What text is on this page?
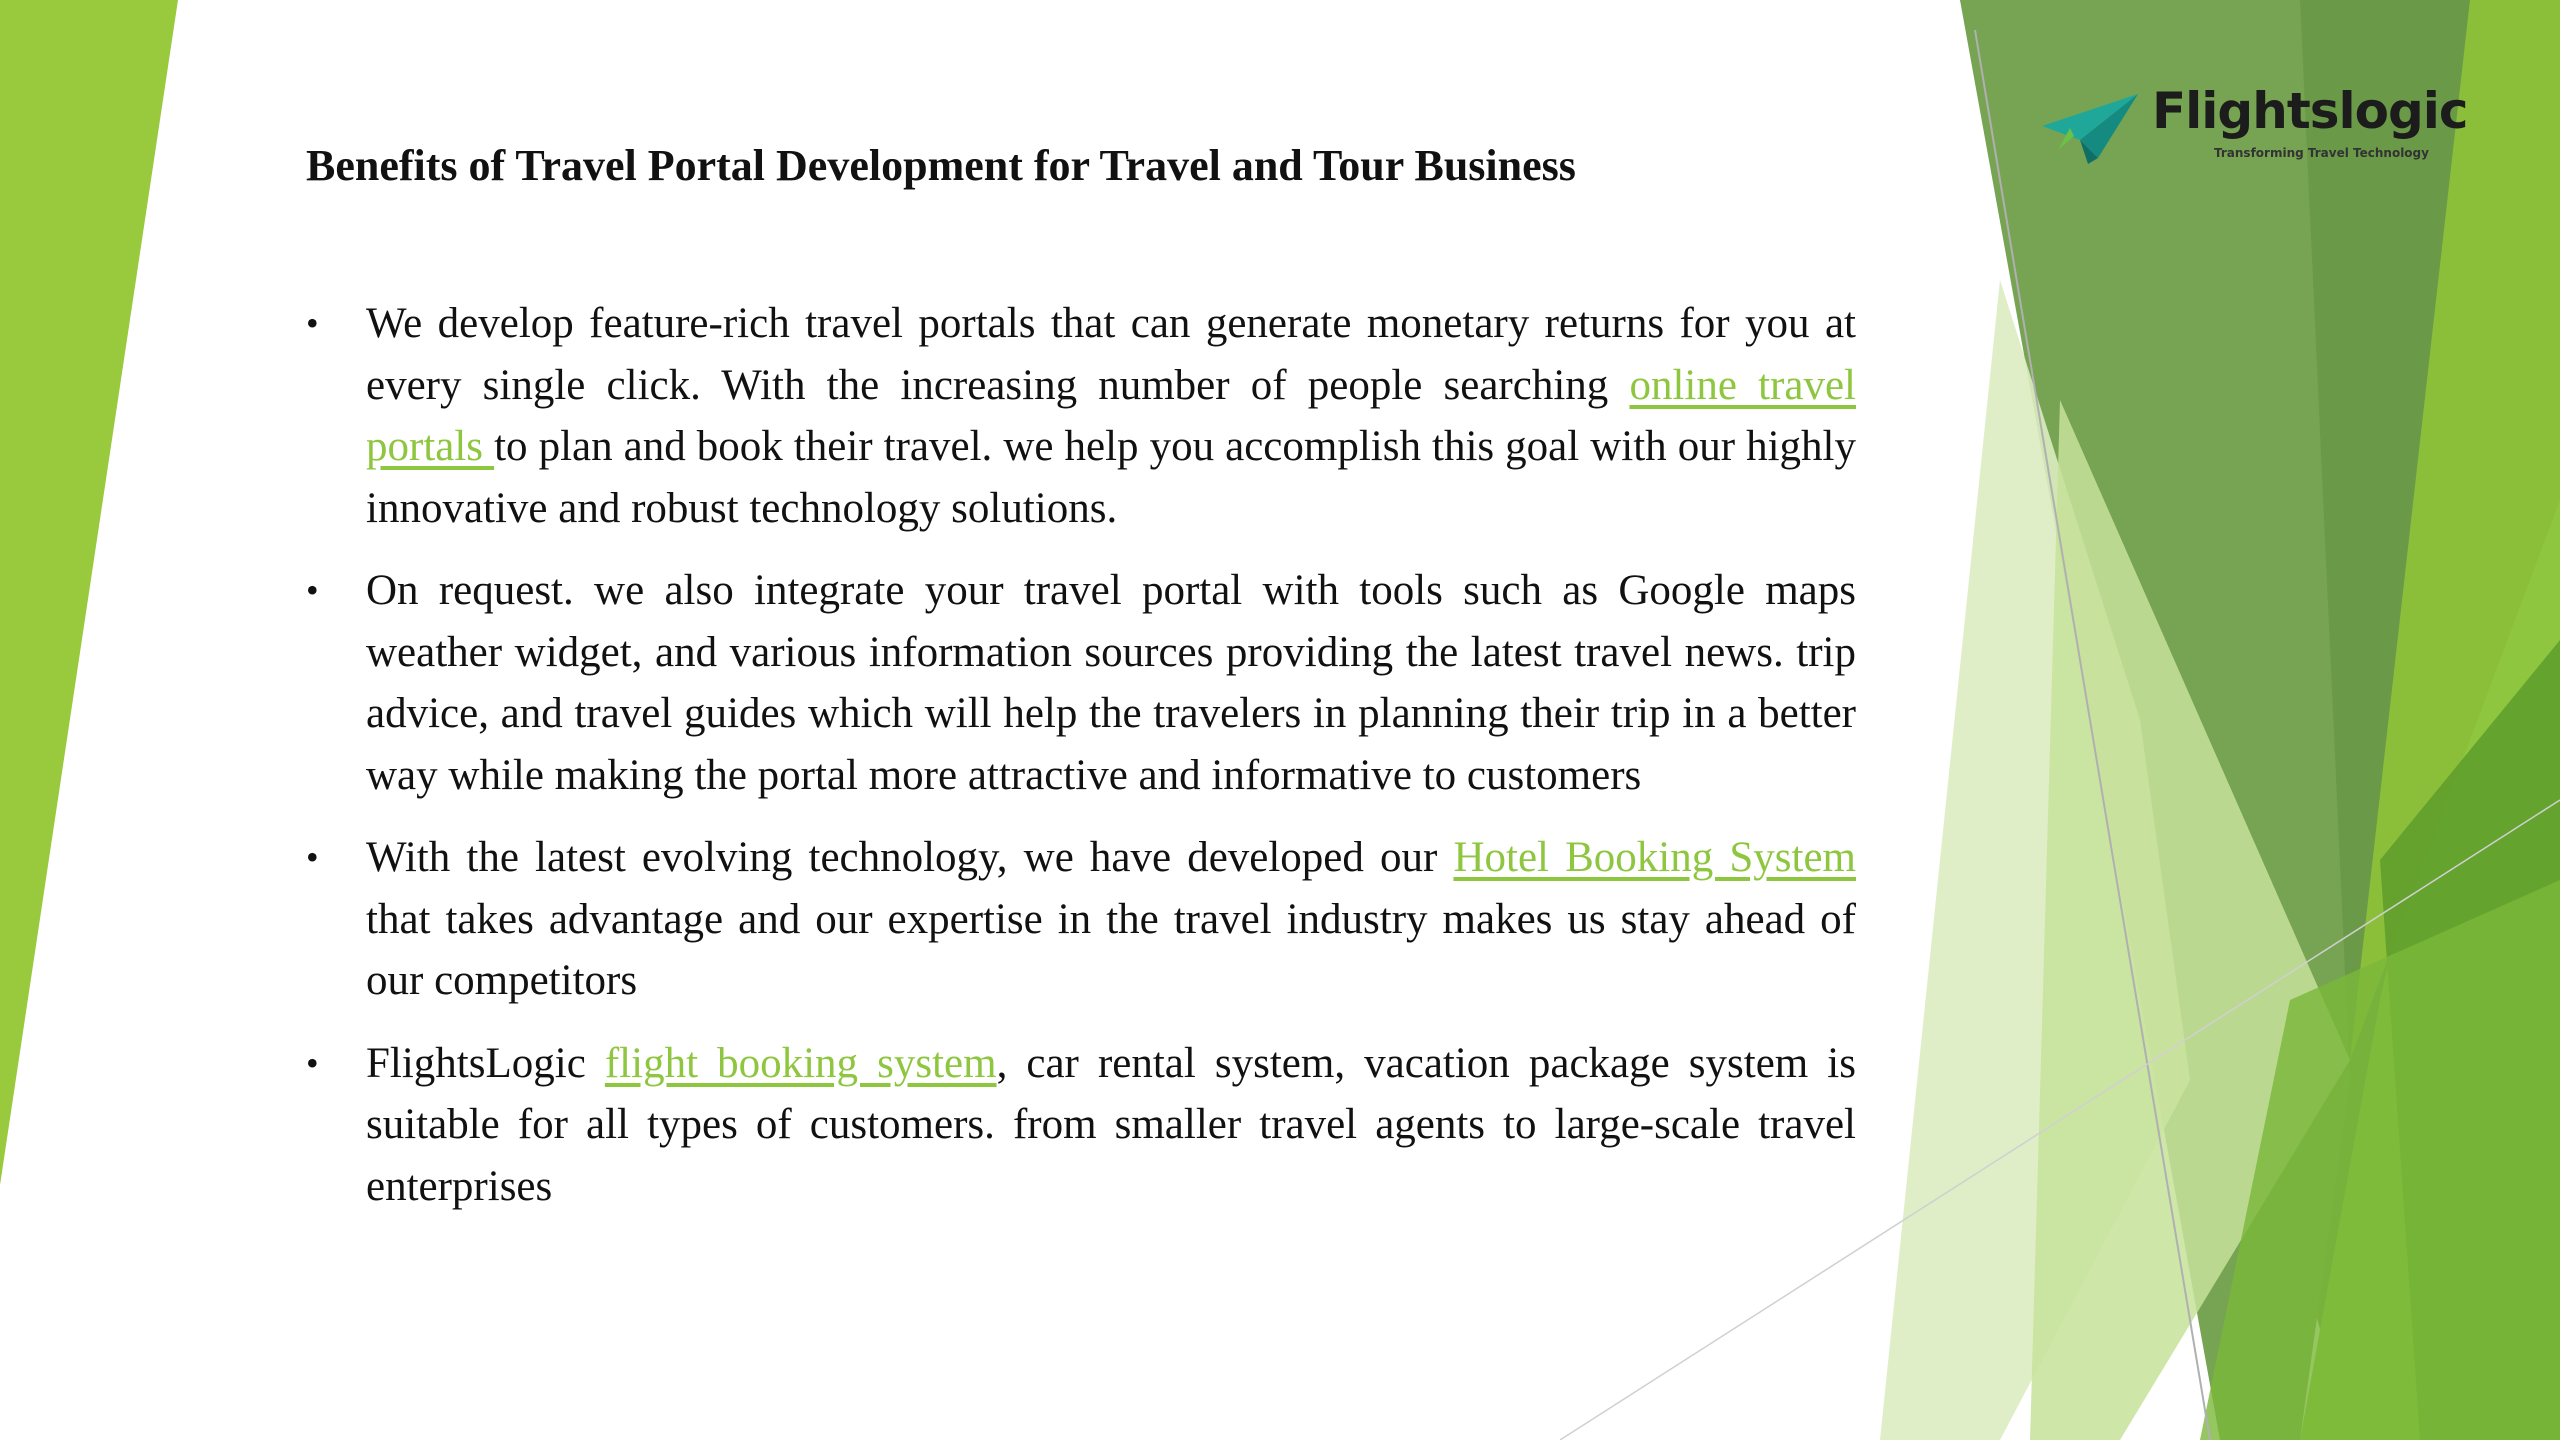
Flightslogic
Transforming Travel Technology
Benefits of Travel Portal Development for Travel and Tour Business
• We develop feature-rich travel portals that can generate monetary returns for you at every single click. With the increasing number of people searching online travel portals to plan and book their travel. we help you accomplish this goal with our highly innovative and robust technology solutions.
• On request. we also integrate your travel portal with tools such as Google maps weather widget, and various information sources providing the latest travel news. trip advice, and travel guides which will help the travelers in planning their trip in a better way while making the portal more attractive and informative to customers
• With the latest evolving technology, we have developed our Hotel Booking System that takes advantage and our expertise in the travel industry makes us stay ahead of our competitors
• FlightsLogic flight booking system, car rental system, vacation package system is suitable for all types of customers. from smaller travel agents to large-scale travel enterprises
